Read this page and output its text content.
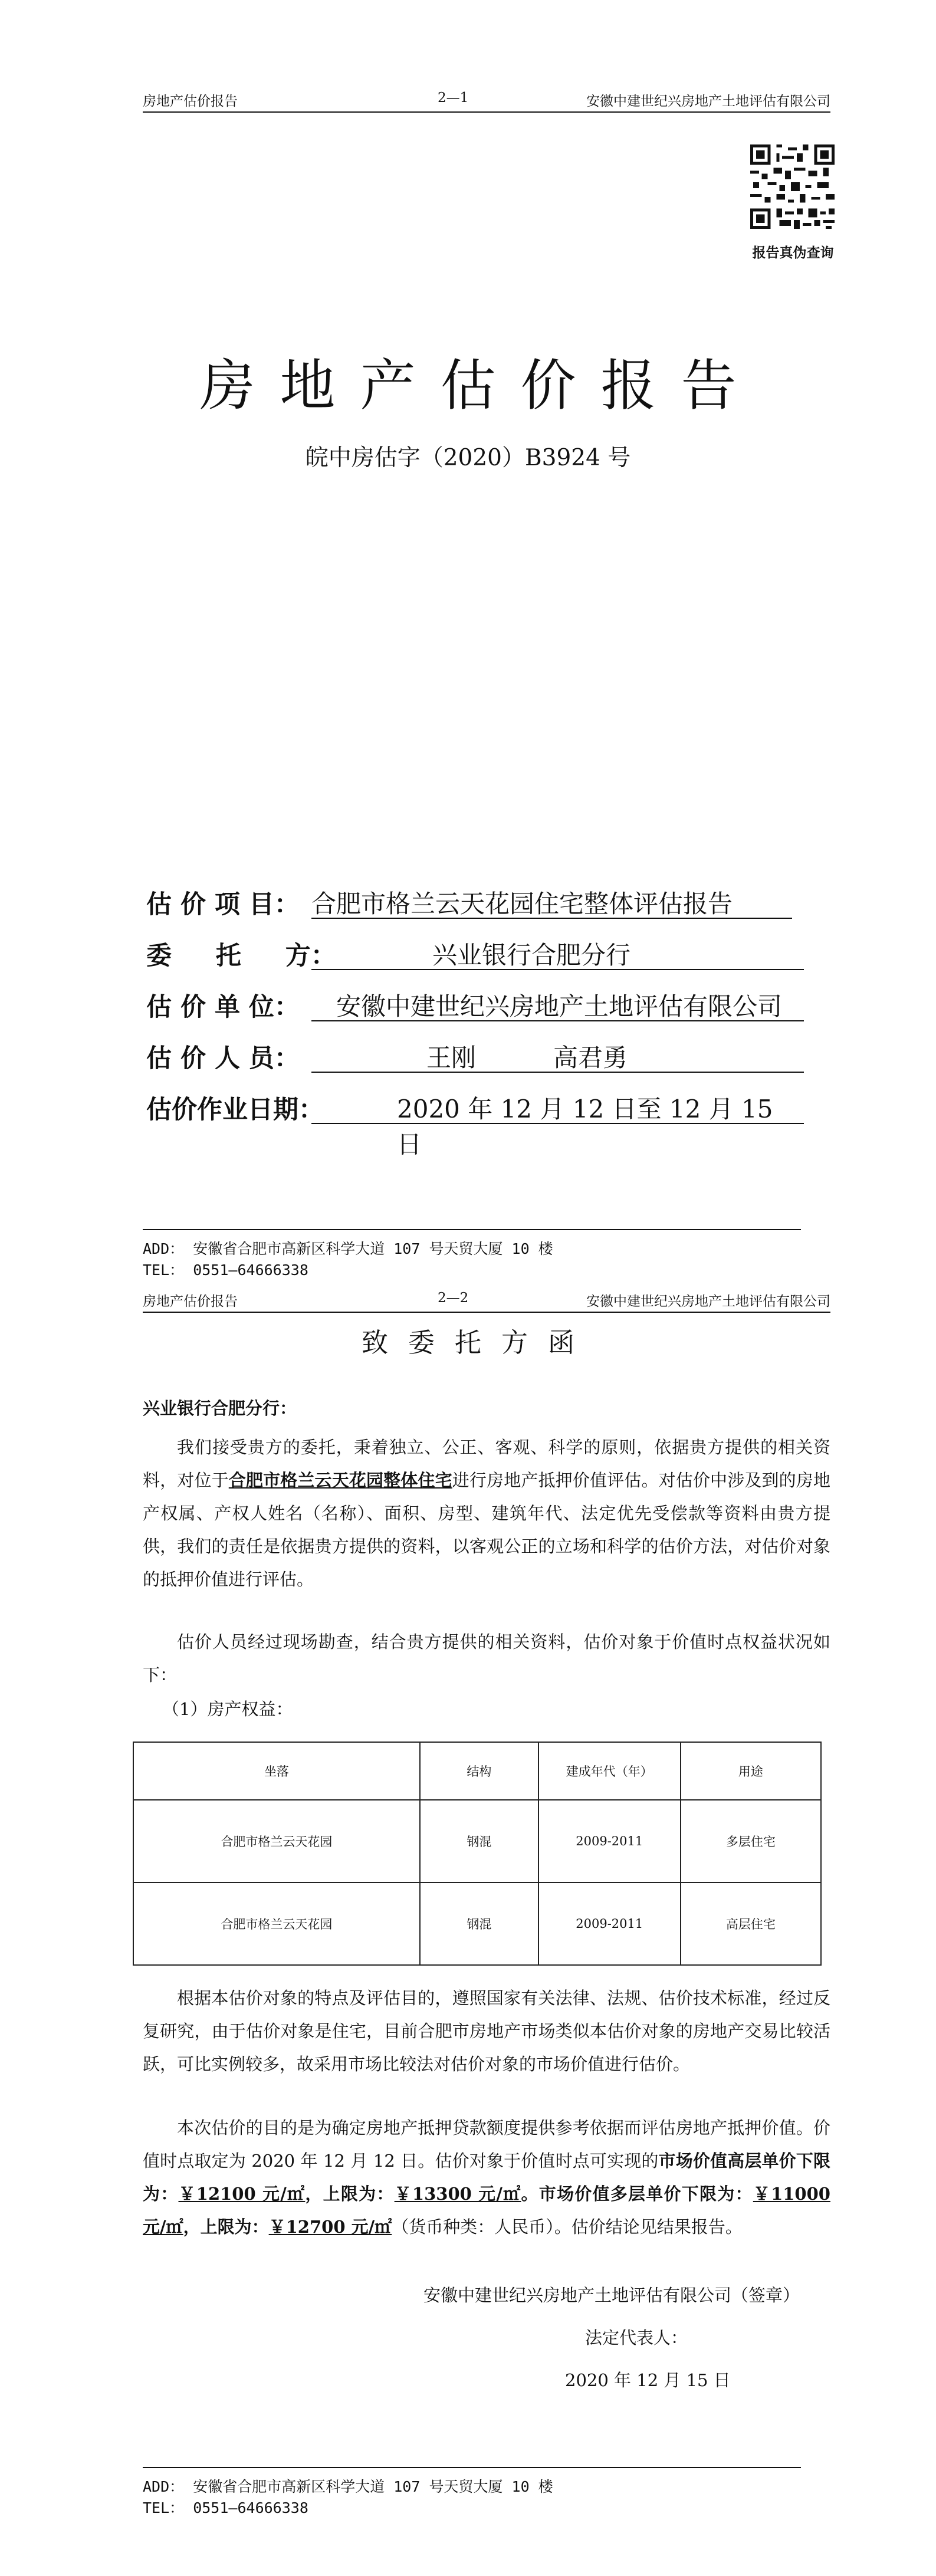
房地产估价报告	2—1	安徽中建世纪兴房地产土地评估有限公司
报告真伪查询
房地产估价报告
皖中房估字（2020）B3924 号
估 价 项 目： 合肥市格兰云天花园住宅整体评估报告
委     托     方：	兴业银行合肥分行
估 价 单 位： 安徽中建世纪兴房地产土地评估有限公司
估 价 人 员：	王刚	高君勇
估价作业日期：	2020 年 12 月 12 日至 12 月 15 日
ADD： 安徽省合肥市高新区科学大道 107 号天贸大厦 10 楼
TEL： 0551—64666338
房地产估价报告	2—2	安徽中建世纪兴房地产土地评估有限公司
致委托方函
兴业银行合肥分行：
我们接受贵方的委托，秉着独立、公正、客观、科学的原则，依据贵方提供的相关资料，对位于合肥市格兰云天花园整体住宅进行房地产抵押价值评估。对估价中涉及到的房地产权属、产权人姓名（名称）、面积、房型、建筑年代、法定优先受偿款等资料由贵方提供，我们的责任是依据贵方提供的资料，以客观公正的立场和科学的估价方法，对估价对象的抵押价值进行评估。
估价人员经过现场勘查，结合贵方提供的相关资料，估价对象于价值时点权益状况如下：
（1）房产权益：
坐落	结构	建成年代（年）	用途
合肥市格兰云天花园	钢混	2009-2011	多层住宅
合肥市格兰云天花园	钢混	2009-2011	高层住宅
根据本估价对象的特点及评估目的，遵照国家有关法律、法规、估价技术标准，经过反复研究，由于估价对象是住宅，目前合肥市房地产市场类似本估价对象的房地产交易比较活跃，可比实例较多，故采用市场比较法对估价对象的市场价值进行估价。
本次估价的目的是为确定房地产抵押贷款额度提供参考依据而评估房地产抵押价值。价值时点取定为 2020 年 12 月 12 日。估价对象于价值时点可实现的市场价值高层单价下限为：￥12100 元/㎡，上限为：￥13300 元/㎡。市场价值多层单价下限为：￥11000 元/㎡，上限为：￥12700 元/㎡（货币种类：人民币）。估价结论见结果报告。
安徽中建世纪兴房地产土地评估有限公司（签章）
法定代表人：
2020 年 12 月 15 日
ADD： 安徽省合肥市高新区科学大道 107 号天贸大厦 10 楼
TEL： 0551—64666338
